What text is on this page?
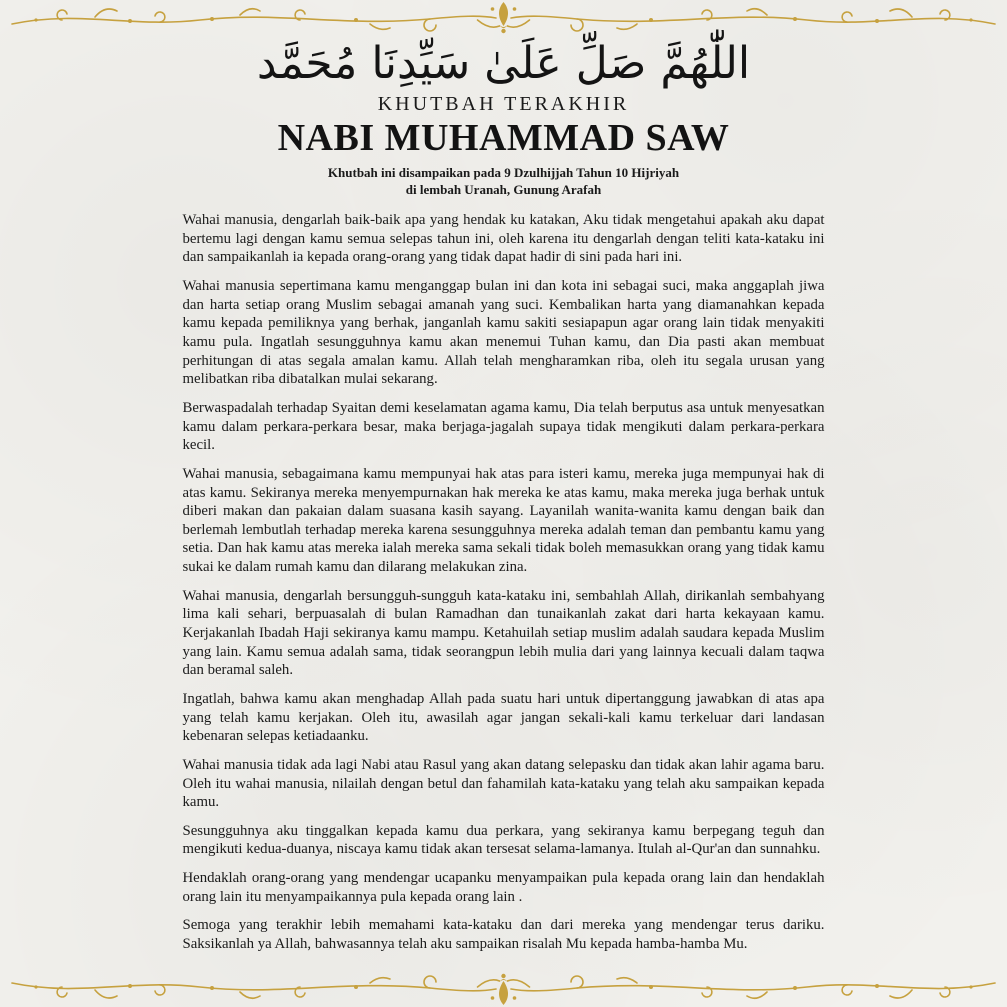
اللّٰهُمَّ صَلِّ عَلَىٰ سَيِّدِنَا مُحَمَّد
KHUTBAH TERAKHIR
NABI MUHAMMAD SAW
Khutbah ini disampaikan pada 9 Dzulhijjah Tahun 10 Hijriyah
di lembah Uranah, Gunung Arafah

Wahai manusia, dengarlah baik-baik apa yang hendak ku katakan, Aku tidak mengetahui apakah aku dapat bertemu lagi dengan kamu semua selepas tahun ini, oleh karena itu dengarlah dengan teliti kata-kataku ini dan sampaikanlah ia kepada orang-orang yang tidak dapat hadir di sini pada hari ini.

Wahai manusia sepertimana kamu menganggap bulan ini dan kota ini sebagai suci, maka anggaplah jiwa dan harta setiap orang Muslim sebagai amanah yang suci. Kembalikan harta yang diamanahkan kepada kamu kepada pemiliknya yang berhak, janganlah kamu sakiti sesiapapun agar orang lain tidak menyakiti kamu pula. Ingatlah sesungguhnya kamu akan menemui Tuhan kamu, dan Dia pasti akan membuat perhitungan di atas segala amalan kamu. Allah telah mengharamkan riba, oleh itu segala urusan yang melibatkan riba dibatalkan mulai sekarang.

Berwaspadalah terhadap Syaitan demi keselamatan agama kamu, Dia telah berputus asa untuk menyesatkan kamu dalam perkara-perkara besar, maka berjaga-jagalah supaya tidak mengikuti dalam perkara-perkara kecil.

Wahai manusia, sebagaimana kamu mempunyai hak atas para isteri kamu, mereka juga mempunyai hak di atas kamu. Sekiranya mereka menyempurnakan hak mereka ke atas kamu, maka mereka juga berhak untuk diberi makan dan pakaian dalam suasana kasih sayang. Layanilah wanita-wanita kamu dengan baik dan berlemah lembutlah terhadap mereka karena sesungguhnya mereka adalah teman dan pembantu kamu yang setia. Dan hak kamu atas mereka ialah mereka sama sekali tidak boleh memasukkan orang yang tidak kamu sukai ke dalam rumah kamu dan dilarang melakukan zina.

Wahai manusia, dengarlah bersungguh-sungguh kata-kataku ini, sembahlah Allah, dirikanlah sembahyang lima kali sehari, berpuasalah di bulan Ramadhan dan tunaikanlah zakat dari harta kekayaan kamu. Kerjakanlah Ibadah Haji sekiranya kamu mampu. Ketahuilah setiap muslim adalah saudara kepada Muslim yang lain. Kamu semua adalah sama, tidak seorangpun lebih mulia dari yang lainnya kecuali dalam taqwa dan beramal saleh.

Ingatlah, bahwa kamu akan menghadap Allah pada suatu hari untuk dipertanggung jawabkan di atas apa yang telah kamu kerjakan. Oleh itu, awasilah agar jangan sekali-kali kamu terkeluar dari landasan kebenaran selepas ketiadaanku.

Wahai manusia tidak ada lagi Nabi atau Rasul yang akan datang selepasku dan tidak akan lahir agama baru. Oleh itu wahai manusia, nilailah dengan betul dan fahamilah kata-kataku yang telah aku sampaikan kepada kamu.

Sesungguhnya aku tinggalkan kepada kamu dua perkara, yang sekiranya kamu berpegang teguh dan mengikuti kedua-duanya, niscaya kamu tidak akan tersesat selama-lamanya. Itulah al-Qur'an dan sunnahku.

Hendaklah orang-orang yang mendengar ucapanku menyampaikan pula kepada orang lain dan hendaklah orang lain itu menyampaikannya pula kepada orang lain .

Semoga yang terakhir lebih memahami kata-kataku dan dari mereka yang mendengar terus dariku. Saksikanlah ya Allah, bahwasannya telah aku sampaikan risalah Mu kepada hamba-hamba Mu.
